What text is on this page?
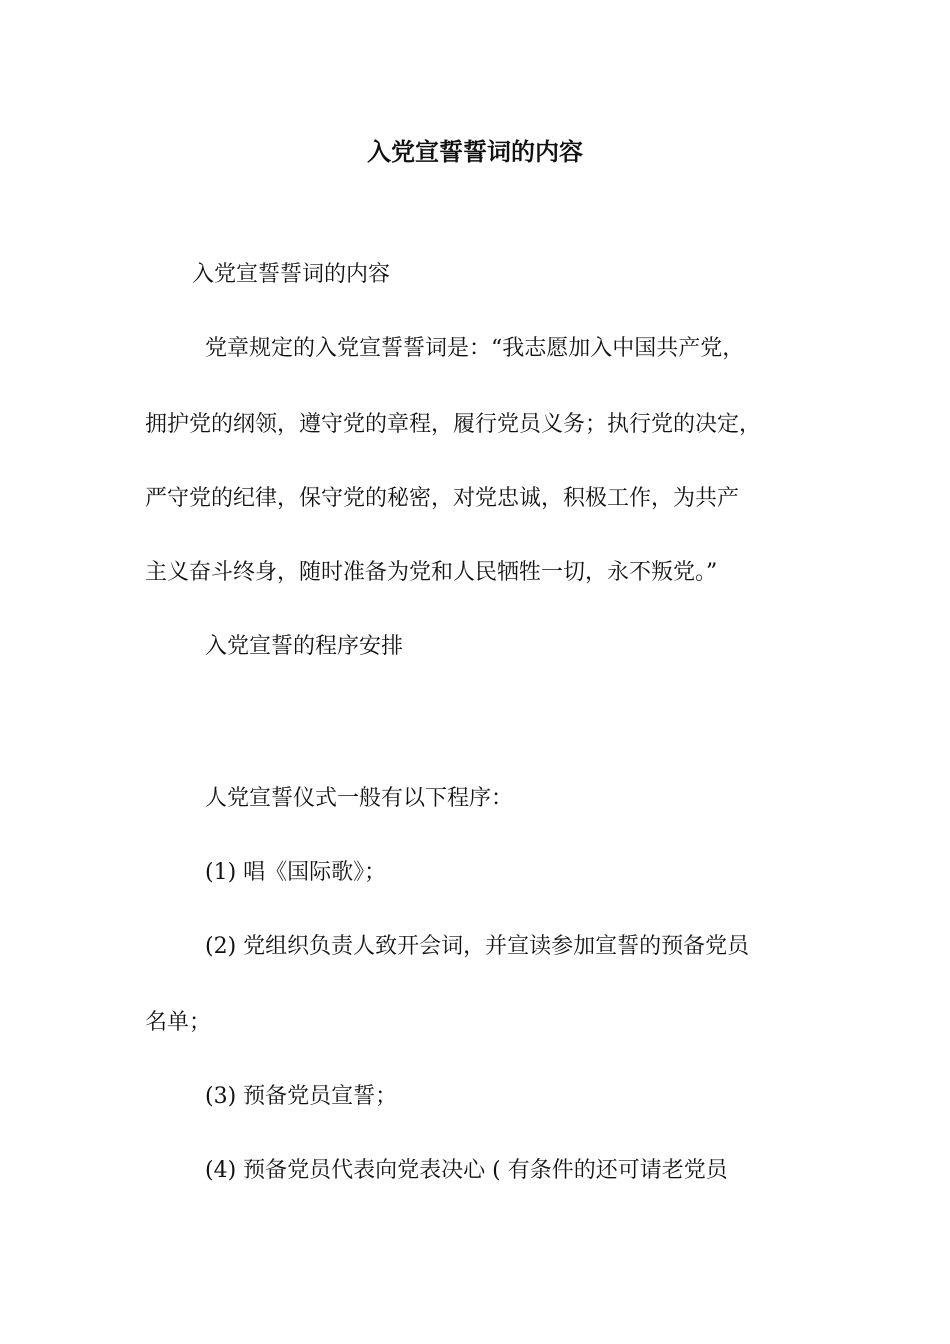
入党宣誓誓词的内容
入党宣誓誓词的内容
党章规定的入党宣誓誓词是：“我志愿加入中国共产党，
拥护党的纲领，遵守党的章程，履行党员义务；执行党的决定，
严守党的纪律，保守党的秘密，对党忠诚，积极工作，为共产
主义奋斗终身，随时准备为党和人民牺牲一切，永不叛党。”
入党宣誓的程序安排
人党宣誓仪式一般有以下程序：
(1) 唱《国际歌》；
(2) 党组织负责人致开会词，并宣读参加宣誓的预备党员
名单；
(3) 预备党员宣誓；
(4) 预备党员代表向党表决心 ( 有条件的还可请老党员
